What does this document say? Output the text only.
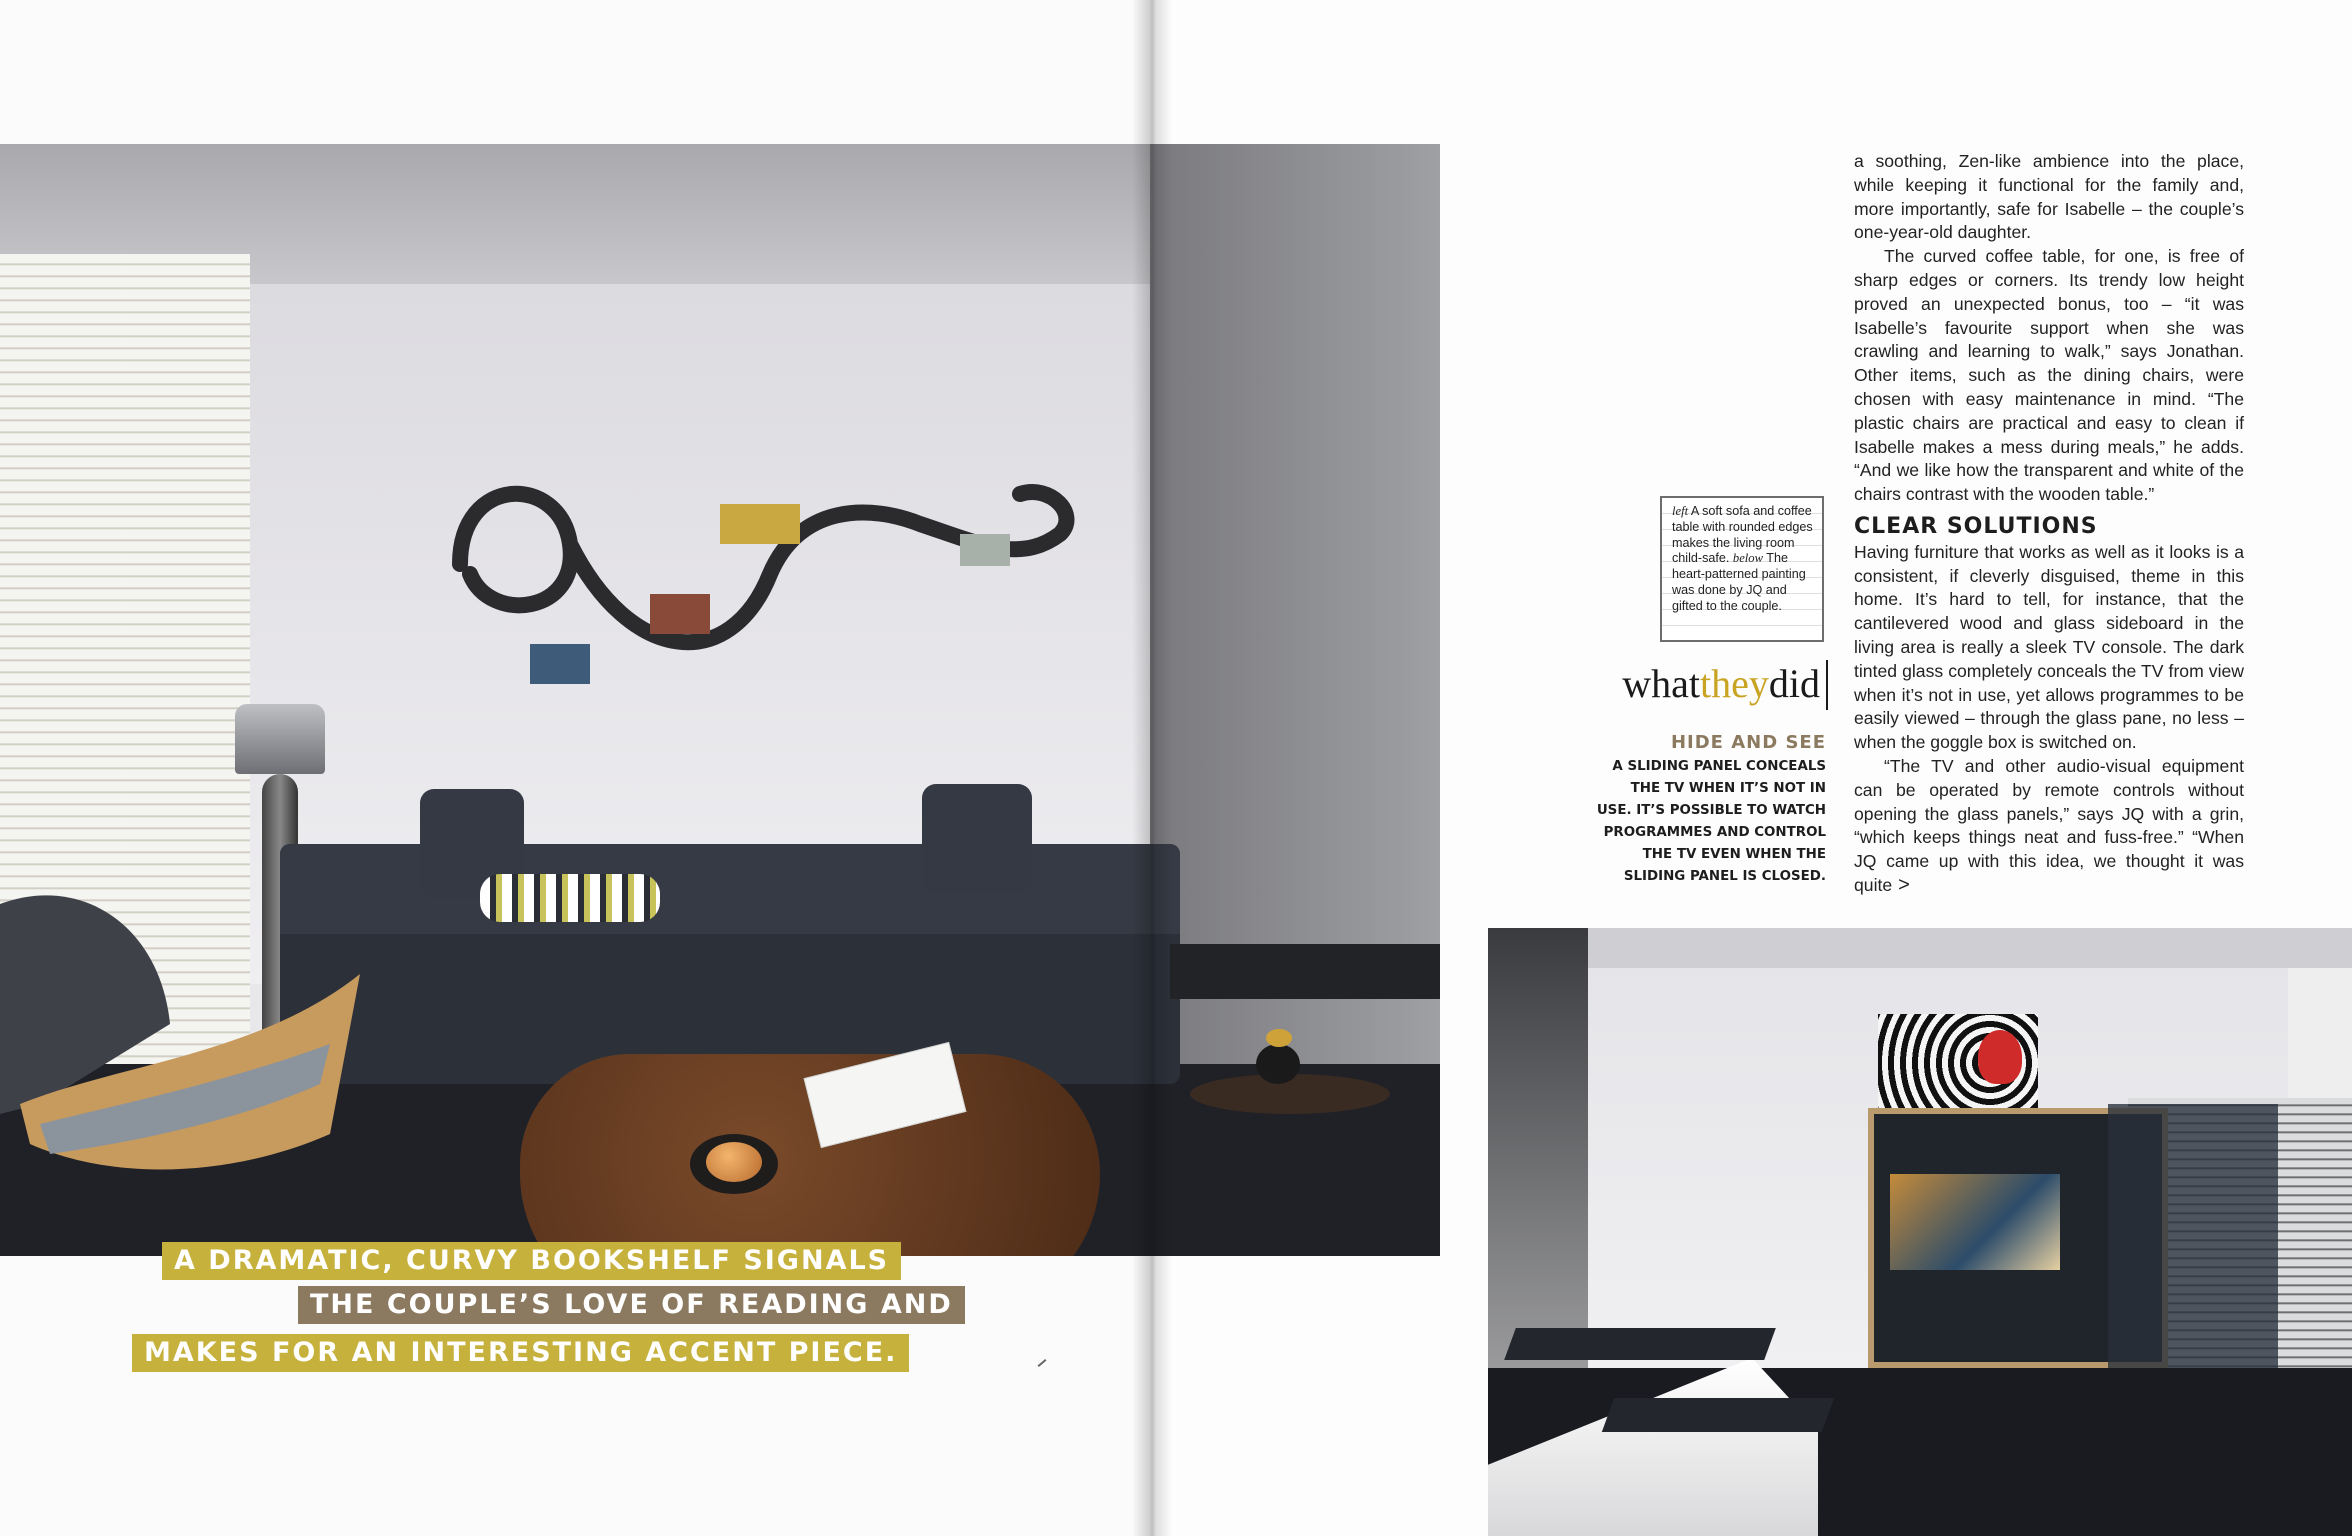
A DRAMATIC, CURVY BOOKSHELF SIGNALS
THE COUPLE’S LOVE OF READING AND
MAKES FOR AN INTERESTING ACCENT PIECE.

a soothing, Zen-like ambience into the place, while keeping it functional for the family and, more importantly, safe for Isabelle – the couple’s one-year-old daughter.

The curved coffee table, for one, is free of sharp edges or corners. Its trendy low height proved an unexpected bonus, too – “it was Isabelle’s favourite support when she was crawling and learning to walk,” says Jonathan. Other items, such as the dining chairs, were chosen with easy maintenance in mind. “The plastic chairs are practical and easy to clean if Isabelle makes a mess during meals,” he adds. “And we like how the transparent and white of the chairs contrast with the wooden table.”

CLEAR SOLUTIONS

Having furniture that works as well as it looks is a consistent, if cleverly disguised, theme in this home. It’s hard to tell, for instance, that the cantilevered wood and glass sideboard in the living area is really a sleek TV console. The dark tinted glass completely conceals the TV from view when it’s not in use, yet allows programmes to be easily viewed – through the glass pane, no less – when the goggle box is switched on.

“The TV and other audio-visual equipment can be operated by remote controls without opening the glass panels,” says JQ with a grin, “which keeps things neat and fuss-free.” “When JQ came up with this idea, we thought it was quite >

left A soft sofa and coffee table with rounded edges makes the living room child-safe. below The heart-patterned painting was done by JQ and gifted to the couple.
whattheydid
HIDE AND SEE
A SLIDING PANEL CONCEALS THE TV WHEN IT’S NOT IN USE. IT’S POSSIBLE TO WATCH PROGRAMMES AND CONTROL THE TV EVEN WHEN THE SLIDING PANEL IS CLOSED.
